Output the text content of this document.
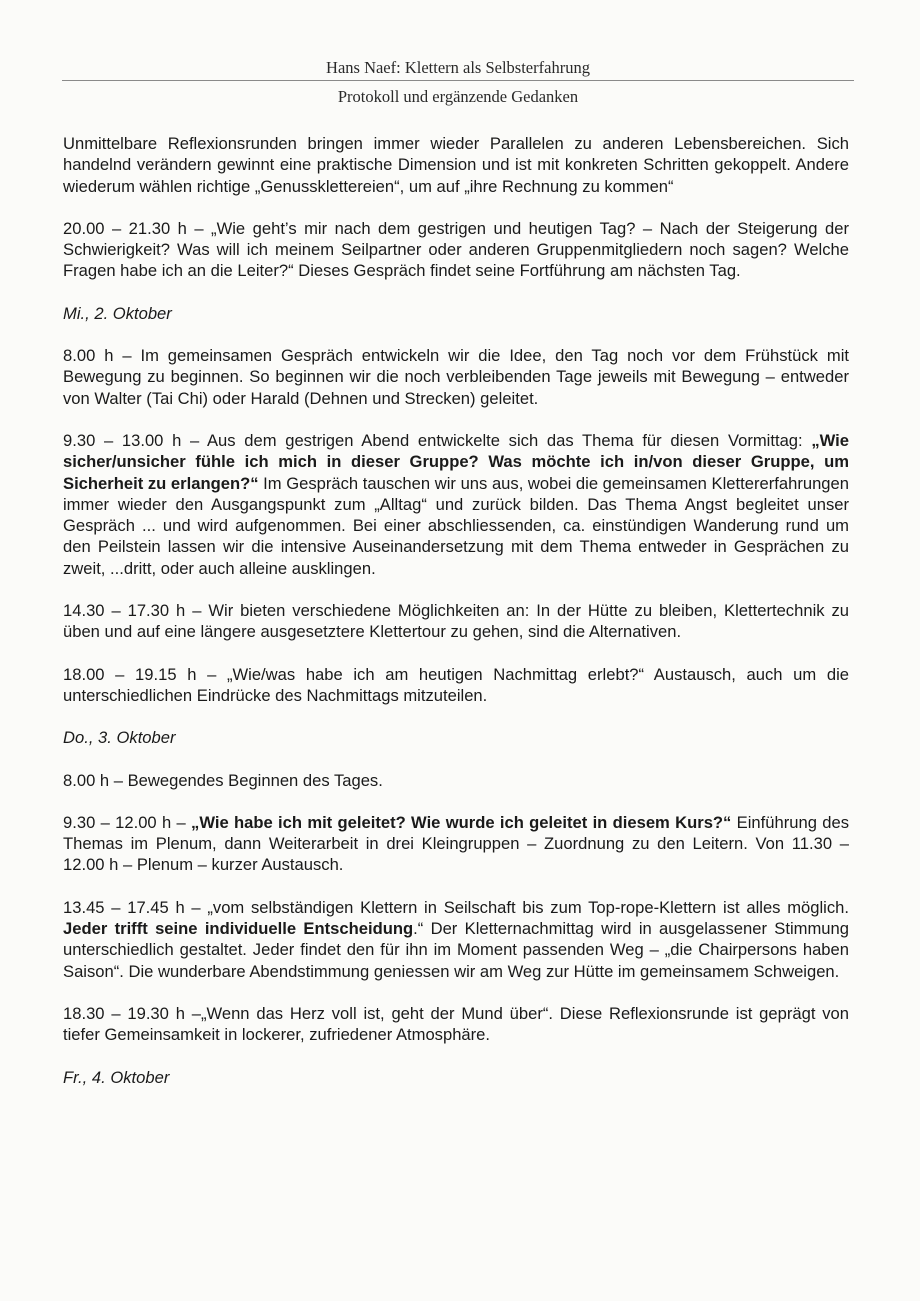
Hans Naef: Klettern als Selbsterfahrung
Protokoll und ergänzende Gedanken

Unmittelbare Reflexionsrunden bringen immer wieder Parallelen zu anderen Lebensbereichen. Sich handelnd verändern gewinnt eine praktische Dimension und ist mit konkreten Schritten gekoppelt. Andere wiederum wählen richtige „Genussklettereien“, um auf „ihre Rechnung zu kommen“

20.00 – 21.30 h – „Wie geht’s mir nach dem gestrigen und heutigen Tag? – Nach der Steigerung der Schwierigkeit? Was will ich meinem Seilpartner oder anderen Gruppenmitgliedern noch sagen? Welche Fragen habe ich an die Leiter?“ Dieses Gespräch findet seine Fortführung am nächsten Tag.

Mi., 2. Oktober

8.00 h – Im gemeinsamen Gespräch entwickeln wir die Idee, den Tag noch vor dem Frühstück mit Bewegung zu beginnen. So beginnen wir die noch verbleibenden Tage jeweils mit Bewegung – entweder von Walter (Tai Chi) oder Harald (Dehnen und Strecken) geleitet.

9.30 – 13.00 h – Aus dem gestrigen Abend entwickelte sich das Thema für diesen Vormittag: „Wie sicher/unsicher fühle ich mich in dieser Gruppe? Was möchte ich in/von dieser Gruppe, um Sicherheit zu erlangen?“ Im Gespräch tauschen wir uns aus, wobei die gemeinsamen Klettererfahrungen immer wieder den Ausgangspunkt zum „Alltag“ und zurück bilden. Das Thema Angst begleitet unser Gespräch ... und wird aufgenommen. Bei einer abschliessenden, ca. einstündigen Wanderung rund um den Peilstein lassen wir die intensive Auseinandersetzung mit dem Thema entweder in Gesprächen zu zweit, ...dritt, oder auch alleine ausklingen.

14.30 – 17.30 h – Wir bieten verschiedene Möglichkeiten an: In der Hütte zu bleiben, Klettertechnik zu üben und auf eine längere ausgesetztere Klettertour zu gehen, sind die Alternativen.

18.00 – 19.15 h – „Wie/was habe ich am heutigen Nachmittag erlebt?“ Austausch, auch um die unterschiedlichen Eindrücke des Nachmittags mitzuteilen.

Do., 3. Oktober

8.00 h – Bewegendes Beginnen des Tages.

9.30 – 12.00 h – „Wie habe ich mit geleitet? Wie wurde ich geleitet in diesem Kurs?“ Einführung des Themas im Plenum, dann Weiterarbeit in drei Kleingruppen – Zuordnung zu den Leitern. Von 11.30 – 12.00 h – Plenum – kurzer Austausch.

13.45 – 17.45 h – „vom selbständigen Klettern in Seilschaft bis zum Top-rope-Klettern ist alles möglich. Jeder trifft seine individuelle Entscheidung.“ Der Kletternachmittag wird in ausgelassener Stimmung unterschiedlich gestaltet. Jeder findet den für ihn im Moment passenden Weg – „die Chairpersons haben Saison“. Die wunderbare Abendstimmung geniessen wir am Weg zur Hütte im gemeinsamem Schweigen.

18.30 – 19.30 h –„Wenn das Herz voll ist, geht der Mund über“. Diese Reflexionsrunde ist geprägt von tiefer Gemeinsamkeit in lockerer, zufriedener Atmosphäre.

Fr., 4. Oktober
